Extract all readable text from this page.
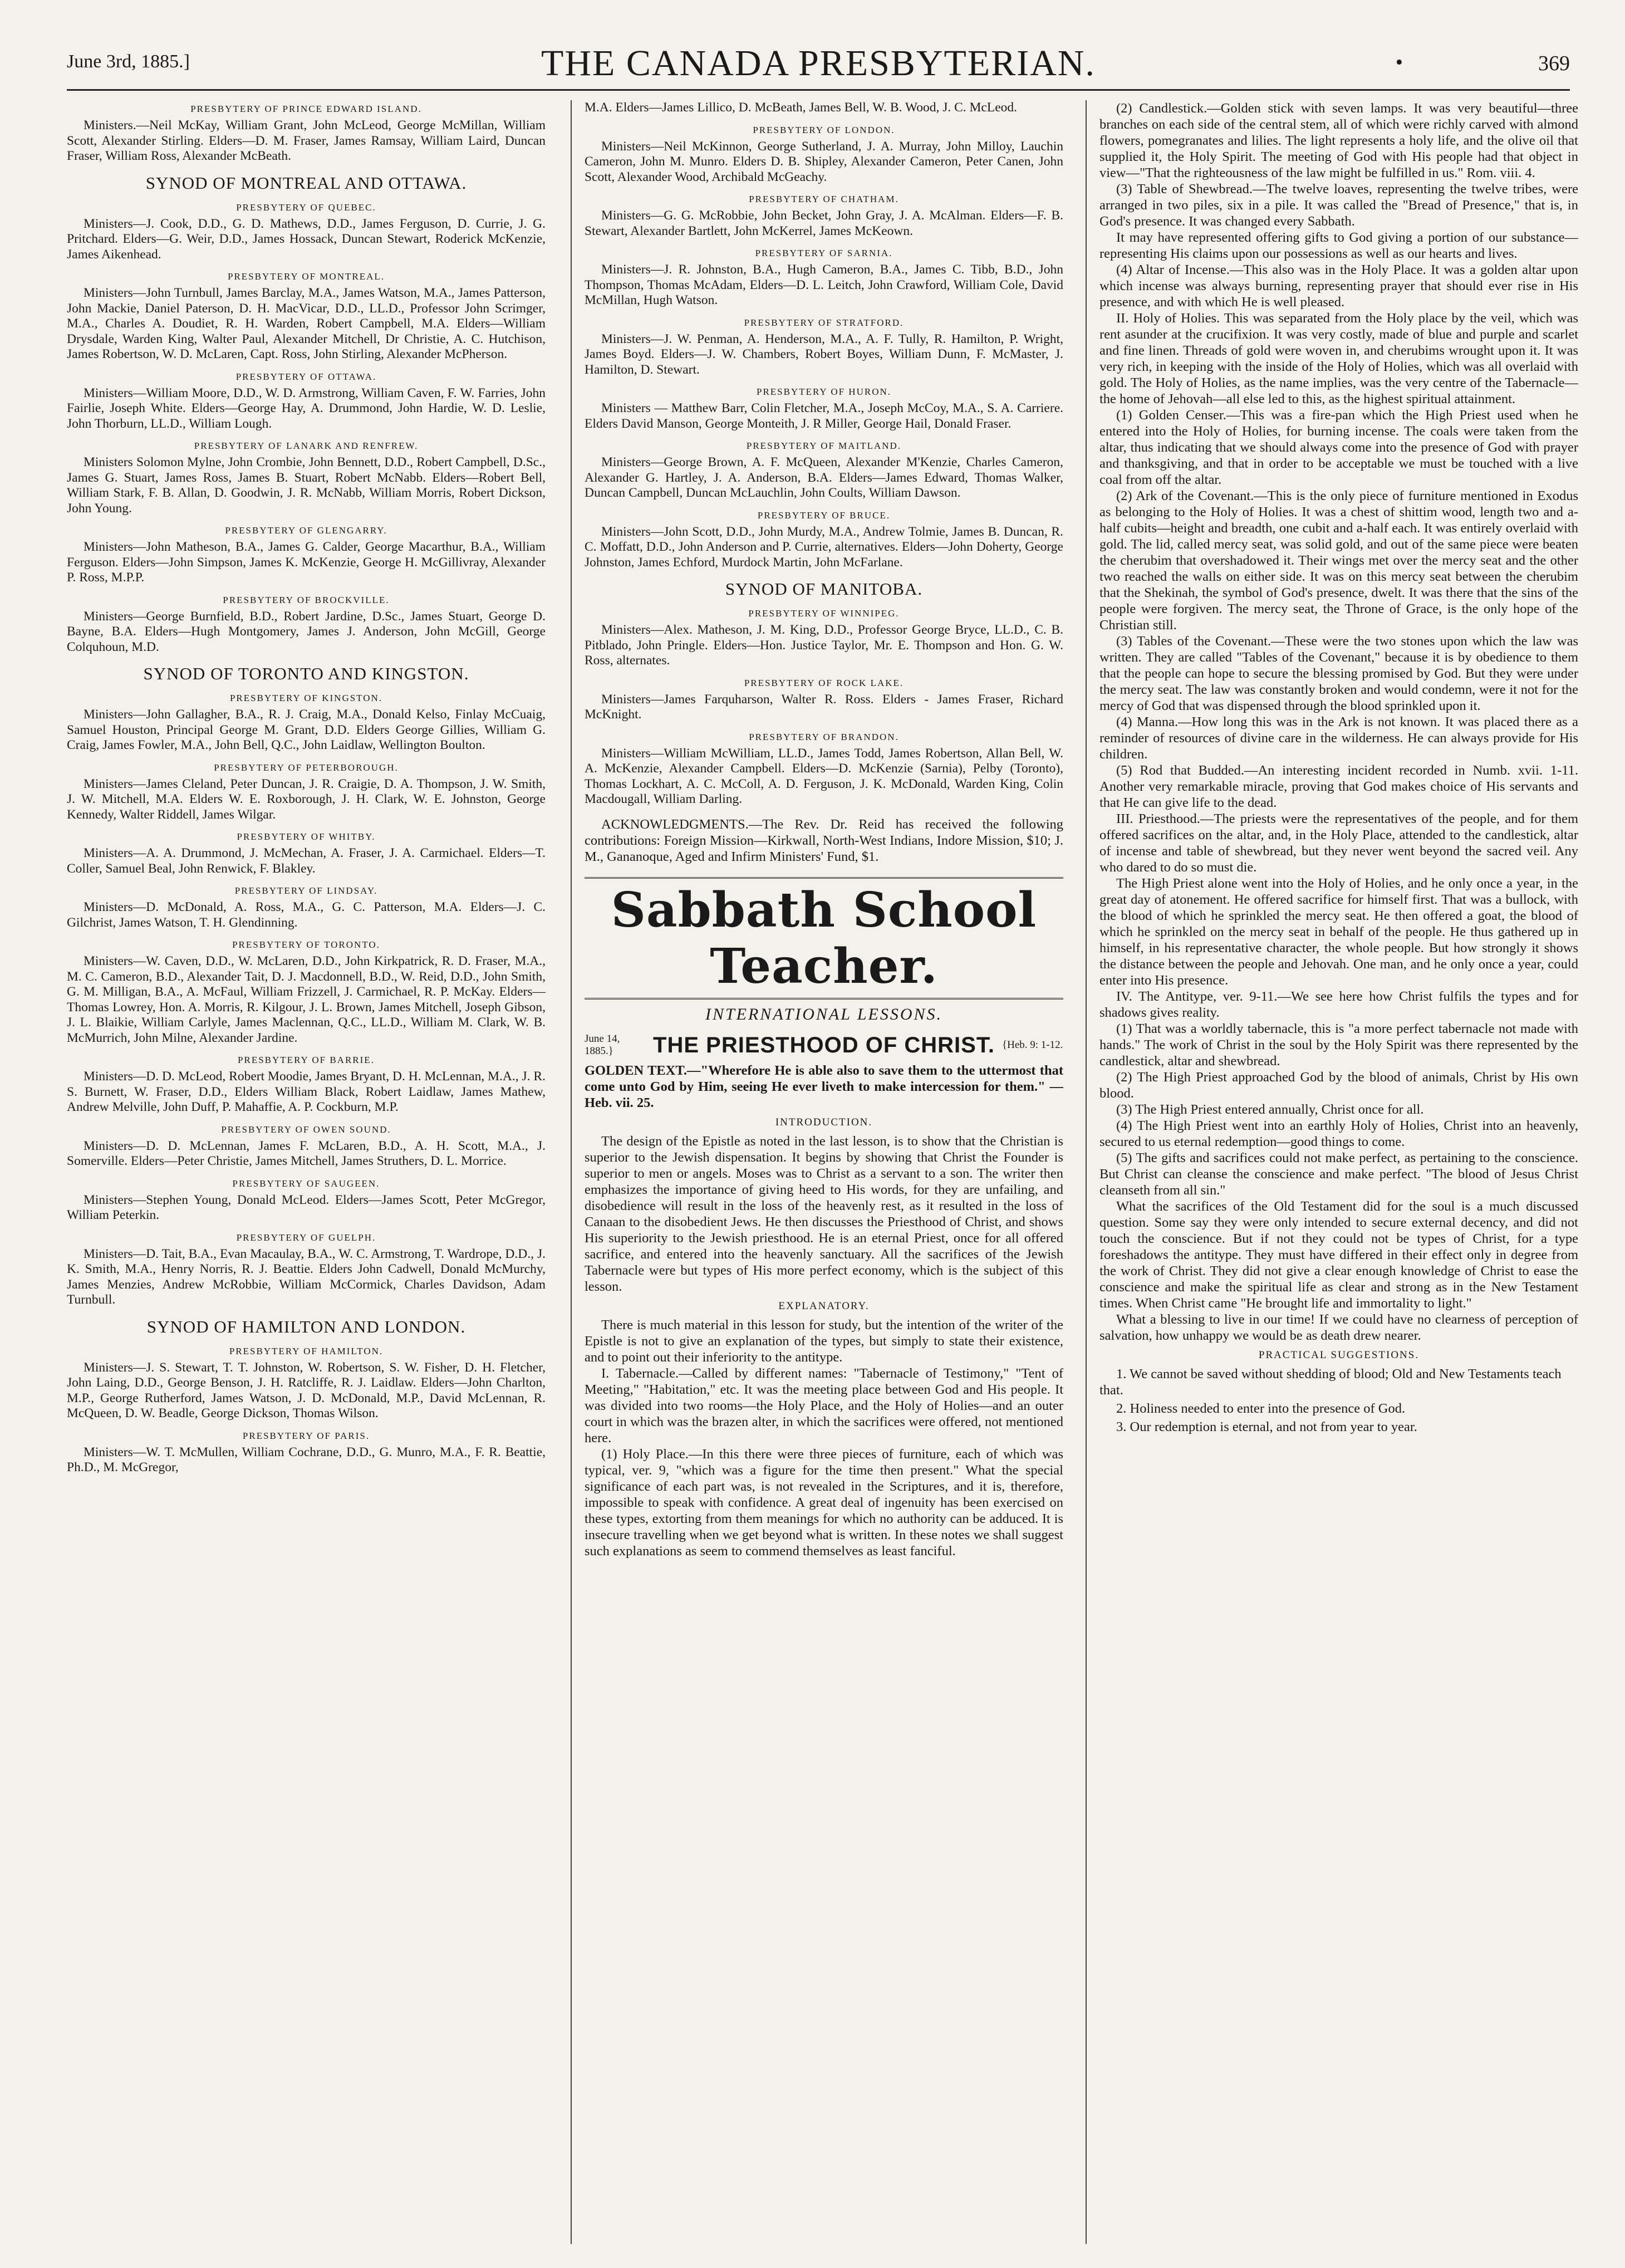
June 3rd, 1885.]	THE CANADA PRESBYTERIAN.	•	369
PRESBYTERY OF PRINCE EDWARD ISLAND.

Ministers.—Neil McKay, William Grant, John McLeod, George McMillan, William Scott, Alexander Stirling. Elders—D. M. Fraser, James Ramsay, William Laird, Duncan Fraser, William Ross, Alexander McBeath.

SYNOD OF MONTREAL AND OTTAWA.
PRESBYTERY OF QUEBEC.

Ministers—J. Cook, D.D., G. D. Mathews, D.D., James Ferguson, D. Currie, J. G. Pritchard. Elders—G. Weir, D.D., James Hossack, Duncan Stewart, Roderick McKenzie, James Aikenhead.

PRESBYTERY OF MONTREAL.

Ministers—John Turnbull, James Barclay, M.A., James Watson, M.A., James Patterson, John Mackie, Daniel Paterson, D. H. MacVicar, D.D., LL.D., Professor John Scrimger, M.A., Charles A. Doudiet, R. H. Warden, Robert Campbell, M.A. Elders—William Drysdale, Warden King, Walter Paul, Alexander Mitchell, Dr Christie, A. C. Hutchison, James Robertson, W. D. McLaren, Capt. Ross, John Stirling, Alexander McPherson.

PRESBYTERY OF OTTAWA.

Ministers—William Moore, D.D., W. D. Armstrong, William Caven, F. W. Farries, John Fairlie, Joseph White. Elders—George Hay, A. Drummond, John Hardie, W. D. Leslie, John Thorburn, LL.D., William Lough.

PRESBYTERY OF LANARK AND RENFREW.

Ministers Solomon Mylne, John Crombie, John Bennett, D.D., Robert Campbell, D.Sc., James G. Stuart, James Ross, James B. Stuart, Robert McNabb. Elders—Robert Bell, William Stark, F. B. Allan, D. Goodwin, J. R. McNabb, William Morris, Robert Dickson, John Young.

PRESBYTERY OF GLENGARRY.

Ministers—John Matheson, B.A., James G. Calder, George Macarthur, B.A., William Ferguson. Elders—John Simpson, James K. McKenzie, George H. McGillivray, Alexander P. Ross, M.P.P.

PRESBYTERY OF BROCKVILLE.

Ministers—George Burnfield, B.D., Robert Jardine, D.Sc., James Stuart, George D. Bayne, B.A. Elders—Hugh Montgomery, James J. Anderson, John McGill, George Colquhoun, M.D.

SYNOD OF TORONTO AND KINGSTON.
PRESBYTERY OF KINGSTON.

Ministers—John Gallagher, B.A., R. J. Craig, M.A., Donald Kelso, Finlay McCuaig, Samuel Houston, Principal George M. Grant, D.D. Elders George Gillies, William G. Craig, James Fowler, M.A., John Bell, Q.C., John Laidlaw, Wellington Boulton.

PRESBYTERY OF PETERBOROUGH.

Ministers—James Cleland, Peter Duncan, J. R. Craigie, D. A. Thompson, J. W. Smith, J. W. Mitchell, M.A. Elders W. E. Roxborough, J. H. Clark, W. E. Johnston, George Kennedy, Walter Riddell, James Wilgar.

PRESBYTERY OF WHITBY.

Ministers—A. A. Drummond, J. McMechan, A. Fraser, J. A. Carmichael. Elders—T. Coller, Samuel Beal, John Renwick, F. Blakley.

PRESBYTERY OF LINDSAY.

Ministers—D. McDonald, A. Ross, M.A., G. C. Patterson, M.A. Elders—J. C. Gilchrist, James Watson, T. H. Glendinning.

PRESBYTERY OF TORONTO.

Ministers—W. Caven, D.D., W. McLaren, D.D., John Kirkpatrick, R. D. Fraser, M.A., M. C. Cameron, B.D., Alexander Tait, D. J. Macdonnell, B.D., W. Reid, D.D., John Smith, G. M. Milligan, B.A., A. McFaul, William Frizzell, J. Carmichael, R. P. McKay. Elders—Thomas Lowrey, Hon. A. Morris, R. Kilgour, J. L. Brown, James Mitchell, Joseph Gibson, J. L. Blaikie, William Carlyle, James Maclennan, Q.C., LL.D., William M. Clark, W. B. McMurrich, John Milne, Alexander Jardine.

PRESBYTERY OF BARRIE.

Ministers—D. D. McLeod, Robert Moodie, James Bryant, D. H. McLennan, M.A., J. R. S. Burnett, W. Fraser, D.D., Elders William Black, Robert Laidlaw, James Mathew, Andrew Melville, John Duff, P. Mahaffie, A. P. Cockburn, M.P.

PRESBYTERY OF OWEN SOUND.

Ministers—D. D. McLennan, James F. McLaren, B.D., A. H. Scott, M.A., J. Somerville. Elders—Peter Christie, James Mitchell, James Struthers, D. L. Morrice.

PRESBYTERY OF SAUGEEN.

Ministers—Stephen Young, Donald McLeod. Elders—James Scott, Peter McGregor, William Peterkin.

PRESBYTERY OF GUELPH.

Ministers—D. Tait, B.A., Evan Macaulay, B.A., W. C. Armstrong, T. Wardrope, D.D., J. K. Smith, M.A., Henry Norris, R. J. Beattie. Elders John Cadwell, Donald McMurchy, James Menzies, Andrew McRobbie, William McCormick, Charles Davidson, Adam Turnbull.

SYNOD OF HAMILTON AND LONDON.
PRESBYTERY OF HAMILTON.

Ministers—J. S. Stewart, T. T. Johnston, W. Robertson, S. W. Fisher, D. H. Fletcher, John Laing, D.D., George Benson, J. H. Ratcliffe, R. J. Laidlaw. Elders—John Charlton, M.P., George Rutherford, James Watson, J. D. McDonald, M.P., David McLennan, R. McQueen, D. W. Beadle, George Dickson, Thomas Wilson.

PRESBYTERY OF PARIS.

Ministers—W. T. McMullen, William Cochrane, D.D., G. Munro, M.A., F. R. Beattie, Ph.D., M. McGregor,

M.A. Elders—James Lillico, D. McBeath, James Bell, W. B. Wood, J. C. McLeod.

PRESBYTERY OF LONDON.

Ministers—Neil McKinnon, George Sutherland, J. A. Murray, John Milloy, Lauchin Cameron, John M. Munro. Elders D. B. Shipley, Alexander Cameron, Peter Canen, John Scott, Alexander Wood, Archibald McGeachy.

PRESBYTERY OF CHATHAM.

Ministers—G. G. McRobbie, John Becket, John Gray, J. A. McAlman. Elders—F. B. Stewart, Alexander Bartlett, John McKerrel, James McKeown.

PRESBYTERY OF SARNIA.

Ministers—J. R. Johnston, B.A., Hugh Cameron, B.A., James C. Tibb, B.D., John Thompson, Thomas McAdam, Elders—D. L. Leitch, John Crawford, William Cole, David McMillan, Hugh Watson.

PRESBYTERY OF STRATFORD.

Ministers—J. W. Penman, A. Henderson, M.A., A. F. Tully, R. Hamilton, P. Wright, James Boyd. Elders—J. W. Chambers, Robert Boyes, William Dunn, F. McMaster, J. Hamilton, D. Stewart.

PRESBYTERY OF HURON.

Ministers — Matthew Barr, Colin Fletcher, M.A., Joseph McCoy, M.A., S. A. Carriere. Elders David Manson, George Monteith, J. R Miller, George Hail, Donald Fraser.

PRESBYTERY OF MAITLAND.

Ministers—George Brown, A. F. McQueen, Alexander M'Kenzie, Charles Cameron, Alexander G. Hartley, J. A. Anderson, B.A. Elders—James Edward, Thomas Walker, Duncan Campbell, Duncan McLauchlin, John Coults, William Dawson.

PRESBYTERY OF BRUCE.

Ministers—John Scott, D.D., John Murdy, M.A., Andrew Tolmie, James B. Duncan, R. C. Moffatt, D.D., John Anderson and P. Currie, alternatives. Elders—John Doherty, George Johnston, James Echford, Murdock Martin, John McFarlane.

SYNOD OF MANITOBA.
PRESBYTERY OF WINNIPEG.

Ministers—Alex. Matheson, J. M. King, D.D., Professor George Bryce, LL.D., C. B. Pitblado, John Pringle. Elders—Hon. Justice Taylor, Mr. E. Thompson and Hon. G. W. Ross, alternates.

PRESBYTERY OF ROCK LAKE.

Ministers—James Farquharson, Walter R. Ross. Elders - James Fraser, Richard McKnight.

PRESBYTERY OF BRANDON.

Ministers—William McWilliam, LL.D., James Todd, James Robertson, Allan Bell, W. A. McKenzie, Alexander Campbell. Elders—D. McKenzie (Sarnia), Pelby (Toronto), Thomas Lockhart, A. C. McColl, A. D. Ferguson, J. K. McDonald, Warden King, Colin Macdougall, William Darling.

ACKNOWLEDGMENTS.—The Rev. Dr. Reid has received the following contributions: Foreign Mission—Kirkwall, North-West Indians, Indore Mission, $10; J. M., Gananoque, Aged and Infirm Ministers' Fund, $1.

Sabbath School Teacher.
INTERNATIONAL LESSONS.
June 14, 1885.}	THE PRIESTHOOD OF CHRIST. {Heb. 9: 1-12.

GOLDEN TEXT.—"Wherefore He is able also to save them to the uttermost that come unto God by Him, seeing He ever liveth to make intercession for them." —Heb. vii. 25.

INTRODUCTION.

The design of the Epistle as noted in the last lesson, is to show that the Christian is superior to the Jewish dispensation. It begins by showing that Christ the Founder is superior to men or angels. Moses was to Christ as a servant to a son. The writer then emphasizes the importance of giving heed to His words, for they are unfailing, and disobedience will result in the loss of the heavenly rest, as it resulted in the loss of Canaan to the disobedient Jews. He then discusses the Priesthood of Christ, and shows His superiority to the Jewish priesthood. He is an eternal Priest, once for all offered sacrifice, and entered into the heavenly sanctuary. All the sacrifices of the Jewish Tabernacle were but types of His more perfect economy, which is the subject of this lesson.

EXPLANATORY.

There is much material in this lesson for study, but the intention of the writer of the Epistle is not to give an explanation of the types, but simply to state their existence, and to point out their inferiority to the antitype.

I. Tabernacle.—Called by different names: "Tabernacle of Testimony," "Tent of Meeting," "Habitation," etc. It was the meeting place between God and His people. It was divided into two rooms—the Holy Place, and the Holy of Holies—and an outer court in which was the brazen alter, in which the sacrifices were offered, not mentioned here.

(1) Holy Place.—In this there were three pieces of furniture, each of which was typical, ver. 9, "which was a figure for the time then present." What the special significance of each part was, is not revealed in the Scriptures, and it is, therefore, impossible to speak with confidence. A great deal of ingenuity has been exercised on these types, extorting from them meanings for which no authority can be adduced. It is insecure travelling when we get beyond what is written. In these notes we shall suggest such explanations as seem to commend themselves as least fanciful.

(2) Candlestick.—Golden stick with seven lamps. It was very beautiful—three branches on each side of the central stem, all of which were richly carved with almond flowers, pomegranates and lilies. The light represents a holy life, and the olive oil that supplied it, the Holy Spirit. The meeting of God with His people had that object in view—"That the righteousness of the law might be fulfilled in us." Rom. viii. 4.

(3) Table of Shewbread.—The twelve loaves, representing the twelve tribes, were arranged in two piles, six in a pile. It was called the "Bread of Presence," that is, in God's presence. It was changed every Sabbath.

It may have represented offering gifts to God giving a portion of our substance—representing His claims upon our possessions as well as our hearts and lives.

(4) Altar of Incense.—This also was in the Holy Place. It was a golden altar upon which incense was always burning, representing prayer that should ever rise in His presence, and with which He is well pleased.

II. Holy of Holies. This was separated from the Holy place by the veil, which was rent asunder at the crucifixion. It was very costly, made of blue and purple and scarlet and fine linen. Threads of gold were woven in, and cherubims wrought upon it. It was very rich, in keeping with the inside of the Holy of Holies, which was all overlaid with gold. The Holy of Holies, as the name implies, was the very centre of the Tabernacle—the home of Jehovah—all else led to this, as the highest spiritual attainment.

(1) Golden Censer.—This was a fire-pan which the High Priest used when he entered into the Holy of Holies, for burning incense. The coals were taken from the altar, thus indicating that we should always come into the presence of God with prayer and thanksgiving, and that in order to be acceptable we must be touched with a live coal from off the altar.

(2) Ark of the Covenant.—This is the only piece of furniture mentioned in Exodus as belonging to the Holy of Holies. It was a chest of shittim wood, length two and a-half cubits—height and breadth, one cubit and a-half each. It was entirely overlaid with gold. The lid, called mercy seat, was solid gold, and out of the same piece were beaten the cherubim that overshadowed it. Their wings met over the mercy seat and the other two reached the walls on either side. It was on this mercy seat between the cherubim that the Shekinah, the symbol of God's presence, dwelt. It was there that the sins of the people were forgiven. The mercy seat, the Throne of Grace, is the only hope of the Christian still.

(3) Tables of the Covenant.—These were the two stones upon which the law was written. They are called "Tables of the Covenant," because it is by obedience to them that the people can hope to secure the blessing promised by God. But they were under the mercy seat. The law was constantly broken and would condemn, were it not for the mercy of God that was dispensed through the blood sprinkled upon it.

(4) Manna.—How long this was in the Ark is not known. It was placed there as a reminder of resources of divine care in the wilderness. He can always provide for His children.

(5) Rod that Budded.—An interesting incident recorded in Numb. xvii. 1-11. Another very remarkable miracle, proving that God makes choice of His servants and that He can give life to the dead.

III. Priesthood.—The priests were the representatives of the people, and for them offered sacrifices on the altar, and, in the Holy Place, attended to the candlestick, altar of incense and table of shewbread, but they never went beyond the sacred veil. Any who dared to do so must die.

The High Priest alone went into the Holy of Holies, and he only once a year, in the great day of atonement. He offered sacrifice for himself first. That was a bullock, with the blood of which he sprinkled the mercy seat. He then offered a goat, the blood of which he sprinkled on the mercy seat in behalf of the people. He thus gathered up in himself, in his representative character, the whole people. But how strongly it shows the distance between the people and Jehovah. One man, and he only once a year, could enter into His presence.

IV. The Antitype, ver. 9-11.—We see here how Christ fulfils the types and for shadows gives reality.

(1) That was a worldly tabernacle, this is "a more perfect tabernacle not made with hands." The work of Christ in the soul by the Holy Spirit was there represented by the candlestick, altar and shewbread.

(2) The High Priest approached God by the blood of animals, Christ by His own blood.

(3) The High Priest entered annually, Christ once for all.

(4) The High Priest went into an earthly Holy of Holies, Christ into an heavenly, secured to us eternal redemption—good things to come.

(5) The gifts and sacrifices could not make perfect, as pertaining to the conscience. But Christ can cleanse the conscience and make perfect. "The blood of Jesus Christ cleanseth from all sin."

What the sacrifices of the Old Testament did for the soul is a much discussed question. Some say they were only intended to secure external decency, and did not touch the conscience. But if not they could not be types of Christ, for a type foreshadows the antitype. They must have differed in their effect only in degree from the work of Christ. They did not give a clear enough knowledge of Christ to ease the conscience and make the spiritual life as clear and strong as in the New Testament times. When Christ came "He brought life and immortality to light."

What a blessing to live in our time! If we could have no clearness of perception of salvation, how unhappy we would be as death drew nearer.

PRACTICAL SUGGESTIONS.
1. We cannot be saved without shedding of blood; Old and New Testaments teach that.
2. Holiness needed to enter into the presence of God.
3. Our redemption is eternal, and not from year to year.
